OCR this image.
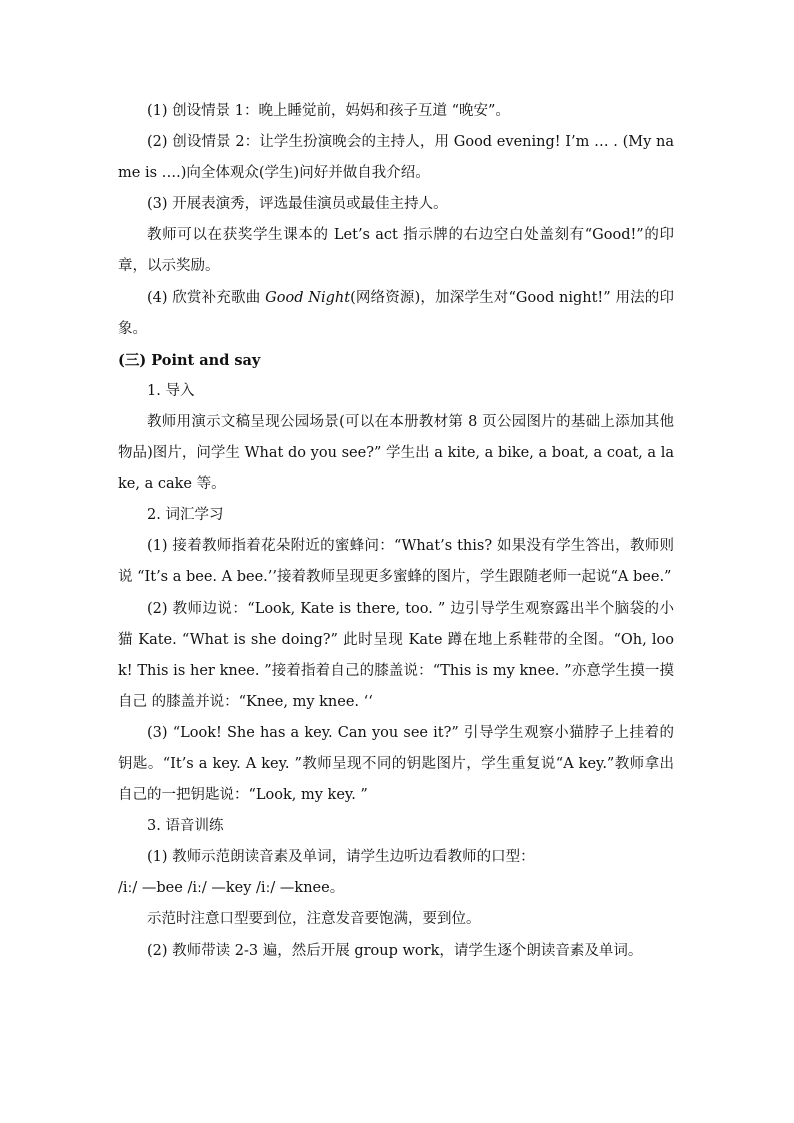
(1) 创设情景 1：晚上睡觉前，妈妈和孩子互道 “晚安”。

(2) 创设情景 2：让学生扮演晚会的主持人，用 Good evening! I’m … . (My name is ….)向全体观众(学生)问好并做自我介绍。

(3) 开展表演秀，评选最佳演员或最佳主持人。

教师可以在获奖学生课本的 Let’s act 指示牌的右边空白处盖刻有“Good!”的印章，以示奖励。

(4) 欣赏补充歌曲 Good Night(网络资源)，加深学生对“Good night!” 用法的印象。

(三) Point and say

1. 导入

教师用演示文稿呈现公园场景(可以在本册教材第 8 页公园图片的基础上添加其他物品)图片，问学生 What do you see?” 学生出 a kite, a bike, a boat, a coat, a lake, a cake 等。

2. 词汇学习

(1) 接着教师指着花朵附近的蜜蜂问：“What’s this? 如果没有学生答出，教师则说 “It’s a bee. A bee.’’接着教师呈现更多蜜蜂的图片，学生跟随老师一起说“A bee.”

(2) 教师边说：“Look, Kate is there, too. ” 边引导学生观察露出半个脑袋的小猫 Kate. “What is she doing?” 此时呈现 Kate 蹲在地上系鞋带的全图。“Oh, look! This is her knee. ”接着指着自己的膝盖说：“This is my knee. ”亦意学生摸一摸自己 的膝盖并说：“Knee, my knee. ‘‘

(3) “Look! She has a key. Can you see it?” 引导学生观察小猫脖子上挂着的钥匙。“It’s a key. A key. ”教师呈现不同的钥匙图片，学生重复说“A key.”教师拿出自己的一把钥匙说：“Look, my key. ”

3. 语音训练

(1) 教师示范朗读音素及单词，请学生边听边看教师的口型：

/iː/ —bee /iː/ —key /iː/ —knee。

示范时注意口型要到位，注意发音要饱满，要到位。

(2) 教师带读 2-3 遍，然后开展 group work，请学生逐个朗读音素及单词。
